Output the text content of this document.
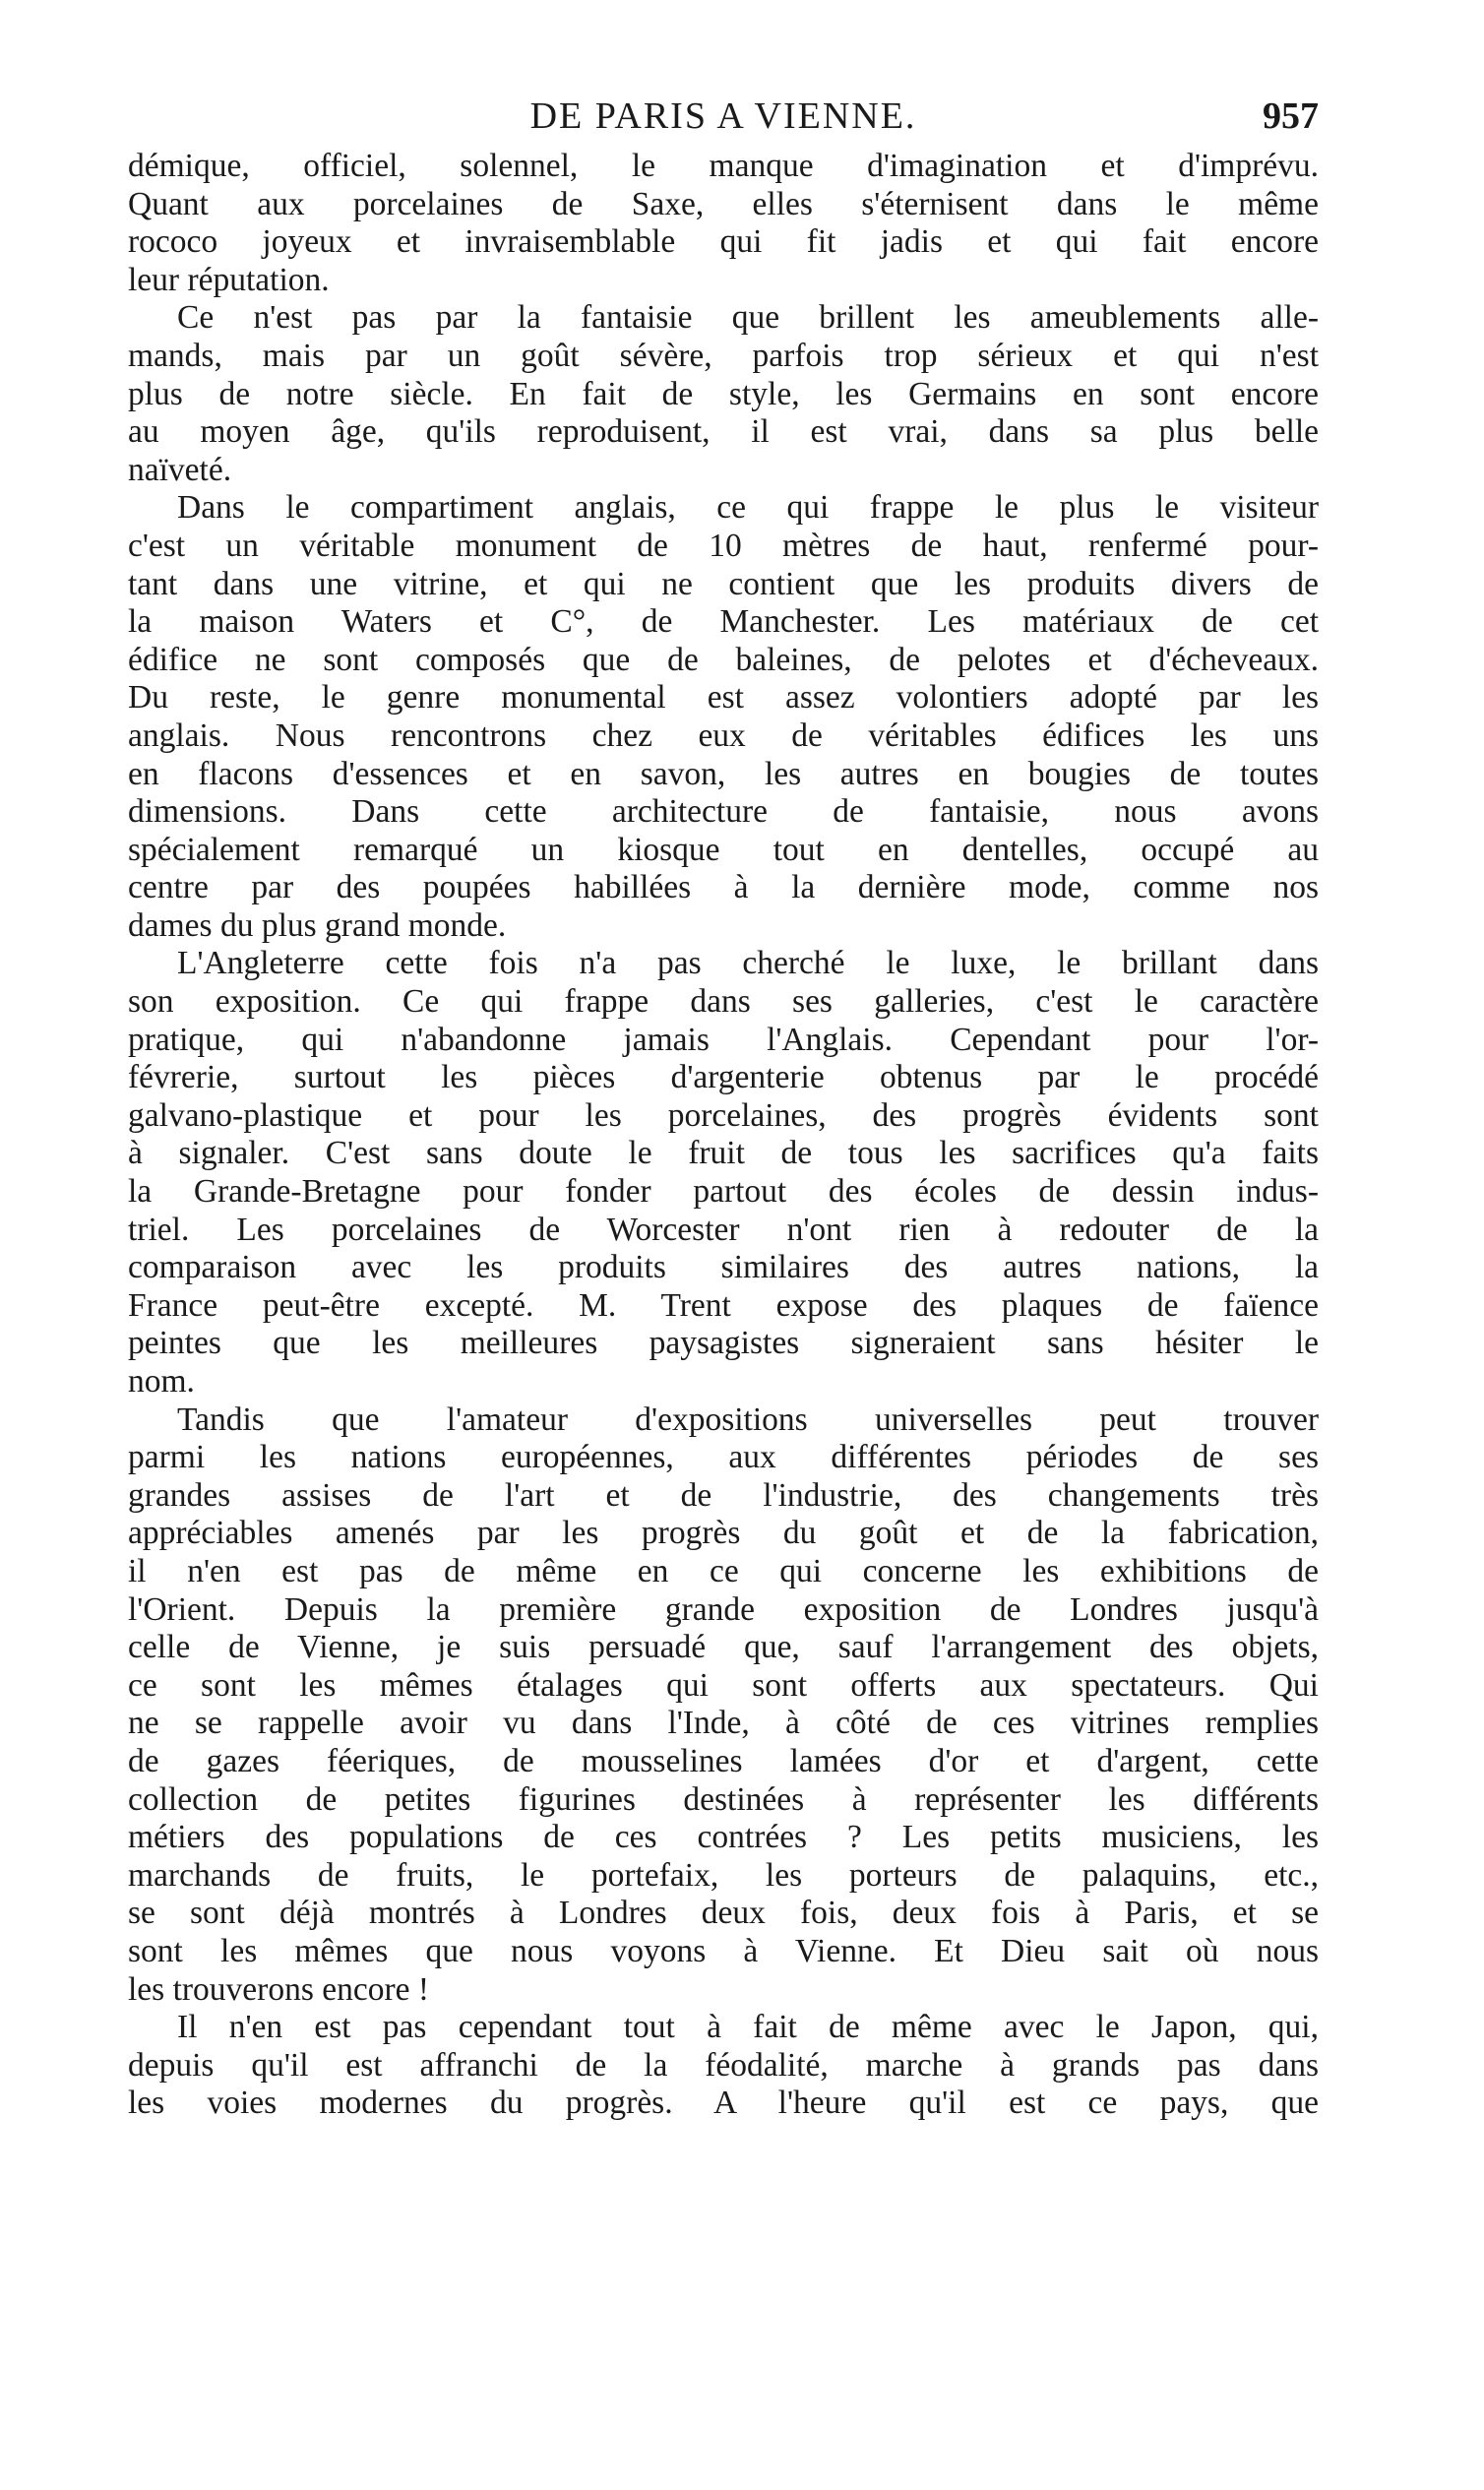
DE PARIS A VIENNE.	957
démique, officiel, solennel, le manque d'imagination et d'imprévu.
Quant aux porcelaines de Saxe, elles s'éternisent dans le même
rococo joyeux et invraisemblable qui fit jadis et qui fait encore
leur réputation.
Ce n'est pas par la fantaisie que brillent les ameublements alle-
mands, mais par un goût sévère, parfois trop sérieux et qui n'est
plus de notre siècle. En fait de style, les Germains en sont encore
au moyen âge, qu'ils reproduisent, il est vrai, dans sa plus belle
naïveté.
Dans le compartiment anglais, ce qui frappe le plus le visiteur
c'est un véritable monument de 10 mètres de haut, renfermé pour-
tant dans une vitrine, et qui ne contient que les produits divers de
la maison Waters et C°, de Manchester. Les matériaux de cet
édifice ne sont composés que de baleines, de pelotes et d'écheveaux.
Du reste, le genre monumental est assez volontiers adopté par les
anglais. Nous rencontrons chez eux de véritables édifices les uns
en flacons d'essences et en savon, les autres en bougies de toutes
dimensions. Dans cette architecture de fantaisie, nous avons
spécialement remarqué un kiosque tout en dentelles, occupé au
centre par des poupées habillées à la dernière mode, comme nos
dames du plus grand monde.
L'Angleterre cette fois n'a pas cherché le luxe, le brillant dans
son exposition. Ce qui frappe dans ses galleries, c'est le caractère
pratique, qui n'abandonne jamais l'Anglais. Cependant pour l'or-
févrerie, surtout les pièces d'argenterie obtenus par le procédé
galvano-plastique et pour les porcelaines, des progrès évidents sont
à signaler. C'est sans doute le fruit de tous les sacrifices qu'a faits
la Grande-Bretagne pour fonder partout des écoles de dessin indus-
triel. Les porcelaines de Worcester n'ont rien à redouter de la
comparaison avec les produits similaires des autres nations, la
France peut-être excepté. M. Trent expose des plaques de faïence
peintes que les meilleures paysagistes signeraient sans hésiter le
nom.
Tandis que l'amateur d'expositions universelles peut trouver
parmi les nations européennes, aux différentes périodes de ses
grandes assises de l'art et de l'industrie, des changements très
appréciables amenés par les progrès du goût et de la fabrication,
il n'en est pas de même en ce qui concerne les exhibitions de
l'Orient. Depuis la première grande exposition de Londres jusqu'à
celle de Vienne, je suis persuadé que, sauf l'arrangement des objets,
ce sont les mêmes étalages qui sont offerts aux spectateurs. Qui
ne se rappelle avoir vu dans l'Inde, à côté de ces vitrines remplies
de gazes féeriques, de mousselines lamées d'or et d'argent, cette
collection de petites figurines destinées à représenter les différents
métiers des populations de ces contrées ? Les petits musiciens, les
marchands de fruits, le portefaix, les porteurs de palaquins, etc.,
se sont déjà montrés à Londres deux fois, deux fois à Paris, et se
sont les mêmes que nous voyons à Vienne. Et Dieu sait où nous
les trouverons encore !
Il n'en est pas cependant tout à fait de même avec le Japon, qui,
depuis qu'il est affranchi de la féodalité, marche à grands pas dans
les voies modernes du progrès. A l'heure qu'il est ce pays, que
